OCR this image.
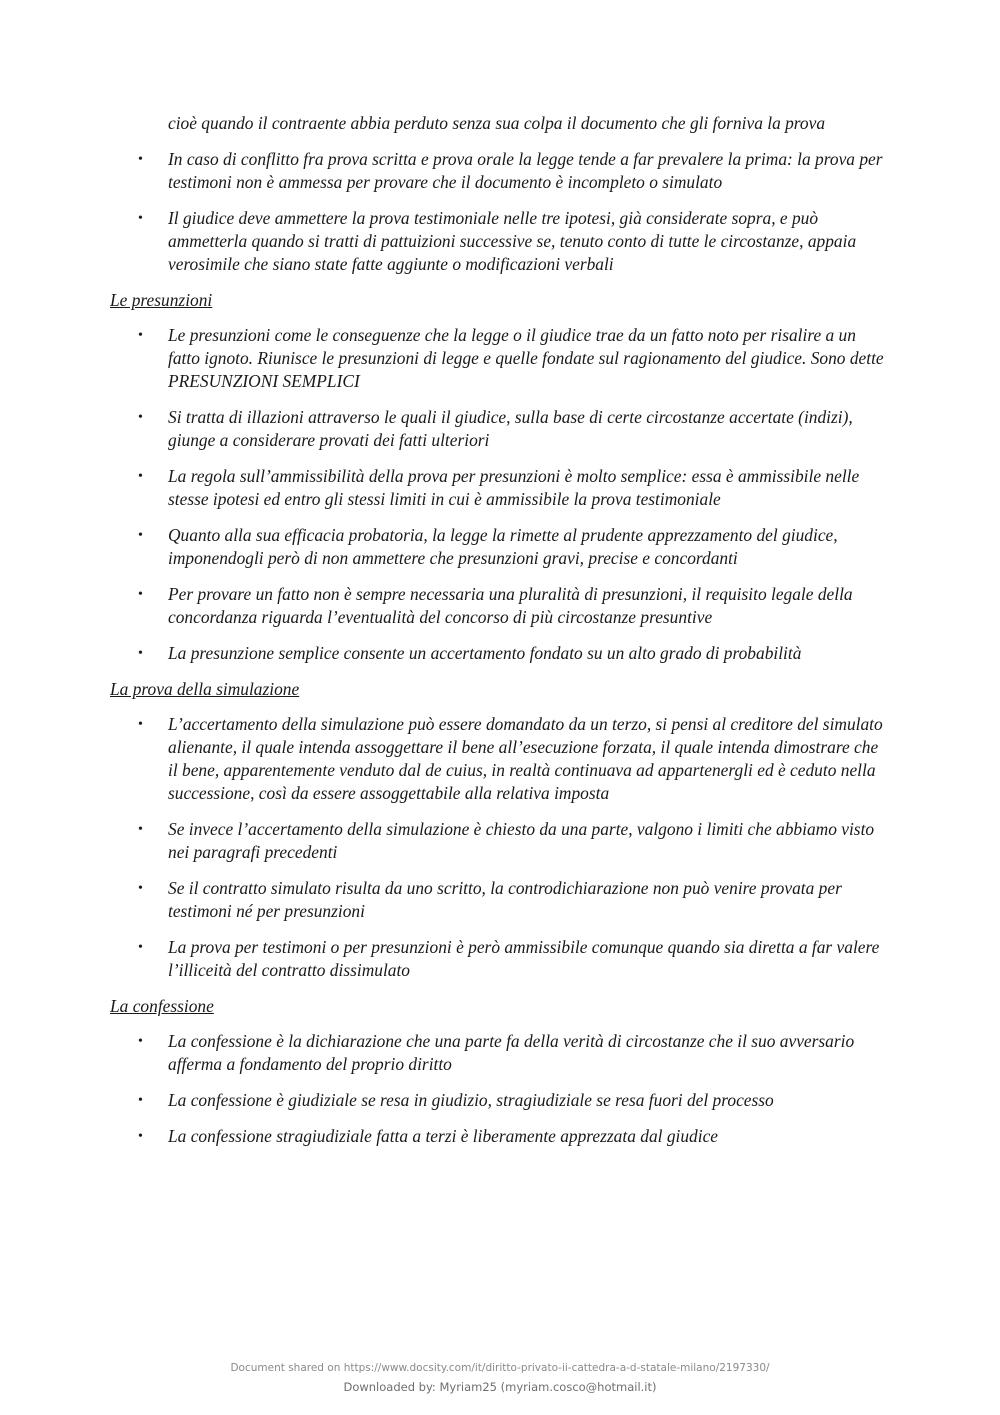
cioè quando il contraente abbia perduto senza sua colpa il documento che gli forniva la prova

• In caso di conflitto fra prova scritta e prova orale la legge tende a far prevalere la prima: la prova per testimoni non è ammessa per provare che il documento è incompleto o simulato
• Il giudice deve ammettere la prova testimoniale nelle tre ipotesi, già considerate sopra, e può ammetterla quando si tratti di pattuizioni successive se, tenuto conto di tutte le circostanze, appaia verosimile che siano state fatte aggiunte o modificazioni verbali
Le presunzioni
• Le presunzioni come le conseguenze che la legge o il giudice trae da un fatto noto per risalire a un fatto ignoto. Riunisce le presunzioni di legge e quelle fondate sul ragionamento del giudice. Sono dette PRESUNZIONI SEMPLICI
• Si tratta di illazioni attraverso le quali il giudice, sulla base di certe circostanze accertate (indizi), giunge a considerare provati dei fatti ulteriori
• La regola sull’ammissibilità della prova per presunzioni è molto semplice: essa è ammissibile nelle stesse ipotesi ed entro gli stessi limiti in cui è ammissibile la prova testimoniale
• Quanto alla sua efficacia probatoria, la legge la rimette al prudente apprezzamento del giudice, imponendogli però di non ammettere che presunzioni gravi, precise e concordanti
• Per provare un fatto non è sempre necessaria una pluralità di presunzioni, il requisito legale della concordanza riguarda l’eventualità del concorso di più circostanze presuntive
• La presunzione semplice consente un accertamento fondato su un alto grado di probabilità
La prova della simulazione
• L’accertamento della simulazione può essere domandato da un terzo, si pensi al creditore del simulato alienante, il quale intenda assoggettare il bene all’esecuzione forzata, il quale intenda dimostrare che il bene, apparentemente venduto dal de cuius, in realtà continuava ad appartenergli ed è ceduto nella successione, così da essere assoggettabile alla relativa imposta
• Se invece l’accertamento della simulazione è chiesto da una parte, valgono i limiti che abbiamo visto nei paragrafi precedenti
• Se il contratto simulato risulta da uno scritto, la controdichiarazione non può venire provata per testimoni né per presunzioni
• La prova per testimoni o per presunzioni è però ammissibile comunque quando sia diretta a far valere l’illiceità del contratto dissimulato
La confessione
• La confessione è la dichiarazione che una parte fa della verità di circostanze che il suo avversario afferma a fondamento del proprio diritto
• La confessione è giudiziale se resa in giudizio, stragiudiziale se resa fuori del processo
• La confessione stragiudiziale fatta a terzi è liberamente apprezzata dal giudice
Document shared on https://www.docsity.com/it/diritto-privato-ii-cattedra-a-d-statale-milano/2197330/
Downloaded by: Myriam25 (myriam.cosco@hotmail.it)
